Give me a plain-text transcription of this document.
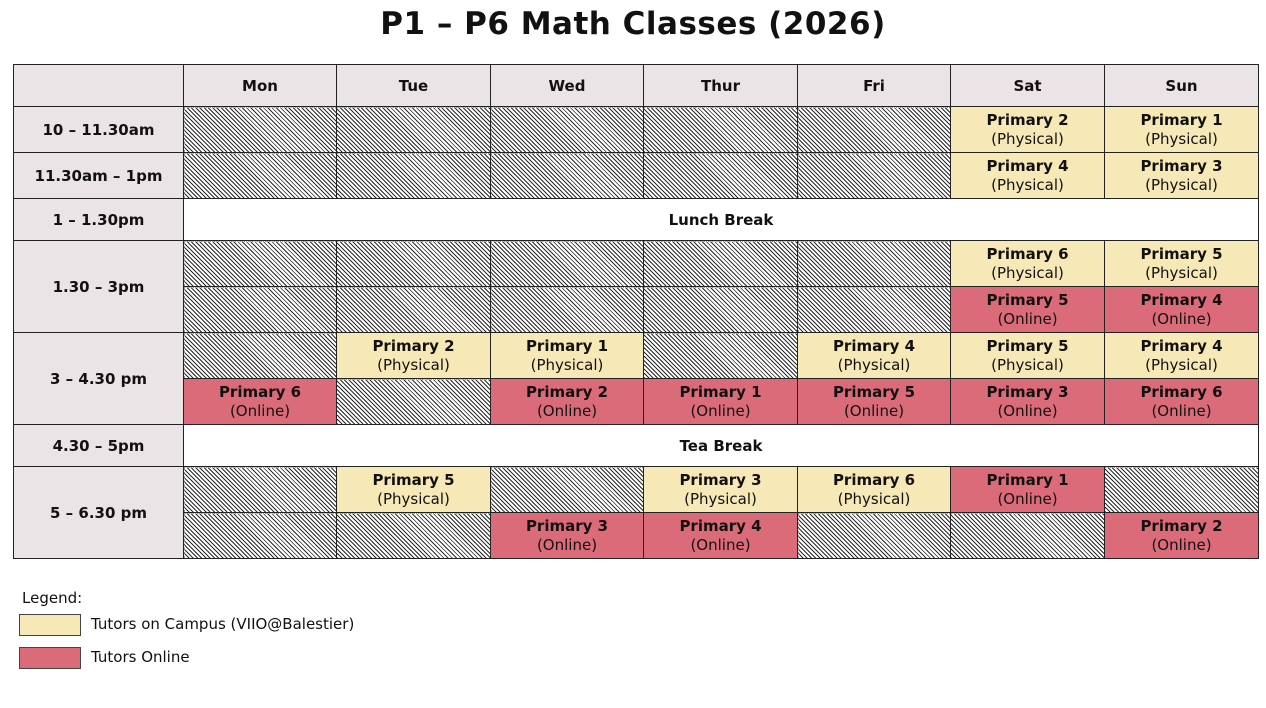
P1 – P6 Math Classes (2026)
	Mon	Tue	Wed	Thur	Fri	Sat	Sun
10 – 11.30am						Primary 2
(Physical)	Primary 1
(Physical)

11.30am – 1pm						Primary 4
(Physical)	Primary 3
(Physical)

1 – 1.30pm	Lunch Break						
1.30 – 3pm						Primary 6
(Physical)	Primary 5
(Physical)

						Primary 5
(Online)	Primary 4
(Online)

3 – 4.30 pm		Primary 2
(Physical)	Primary 1
(Physical)		Primary 4
(Physical)	Primary 5
(Physical)	Primary 4
(Physical)

	Primary 6
(Online)		Primary 2
(Online)	Primary 1
(Online)	Primary 5
(Online)	Primary 3
(Online)	Primary 6
(Online)

4.30 – 5pm	Tea Break						
5 – 6.30 pm		Primary 5
(Physical)		Primary 3
(Physical)	Primary 6
(Physical)	Primary 1
(Online)	

			Primary 3
(Online)	Primary 4
(Online)			Primary 2
(Online)
Legend:
Tutors on Campus (VIIO@Balestier)
Tutors Online
